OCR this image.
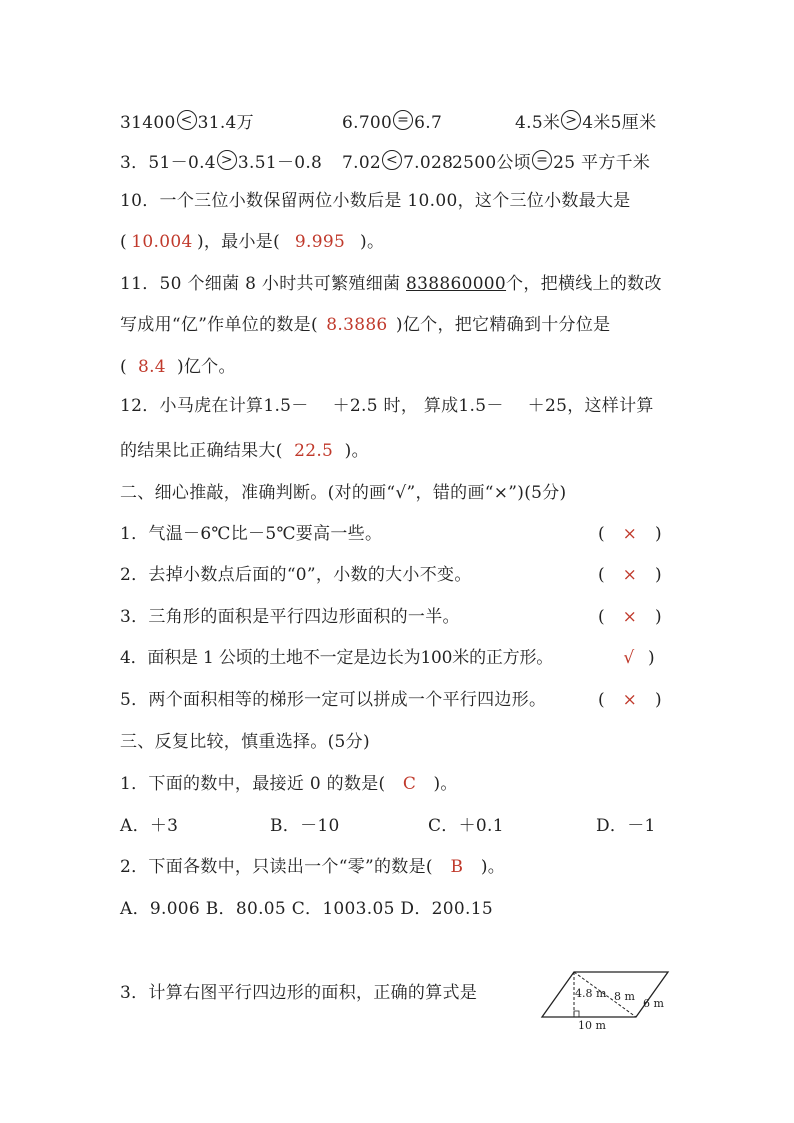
31400 < 31.4万	6.700 = 6.7	4.5米 > 4米5厘米
3．51－0.4 > 3.51－0.8 7.02 < 7.028
2500公顷 = 25 平方千米
10．一个三位小数保留两位小数后是 10.00，这个三位小数最大是
( 10.004 )，最小是( 9.995 )。
11．50 个细菌 8 小时共可繁殖细菌 838860000个，把横线上的数改
写成用“亿”作单位的数是( 8.3886 )亿个，把它精确到十分位是
( 8.4 )亿个。
12．小马虎在计算1.5－ ＋2.5 时， 算成1.5－ ＋25，这样计算
的结果比正确结果大( 22.5 )。
二、细心推敲，准确判断。(对的画“√”，错的画“×”)(5分)
1．气温－6℃比－5℃要高一些。	( × )
2．去掉小数点后面的“0”，小数的大小不变。	( × )
3．三角形的面积是平行四边形面积的一半。	( × )
4．面积是 1 公顷的土地不一定是边长为100米的正方形。	√ )
5．两个面积相等的梯形一定可以拼成一个平行四边形。	( × )
三、反复比较，慎重选择。(5分)
1．下面的数中，最接近 0 的数是( C )。
A．＋3	B．－10	C．＋0.1	D．－1
2．下面各数中，只读出一个“零”的数是( B )。
A．9.006 B．80.05 C．1003.05 D．200.15
3．计算右图平行四边形的面积，正确的算式是	4.8 m 8 m
6 m
10 m
